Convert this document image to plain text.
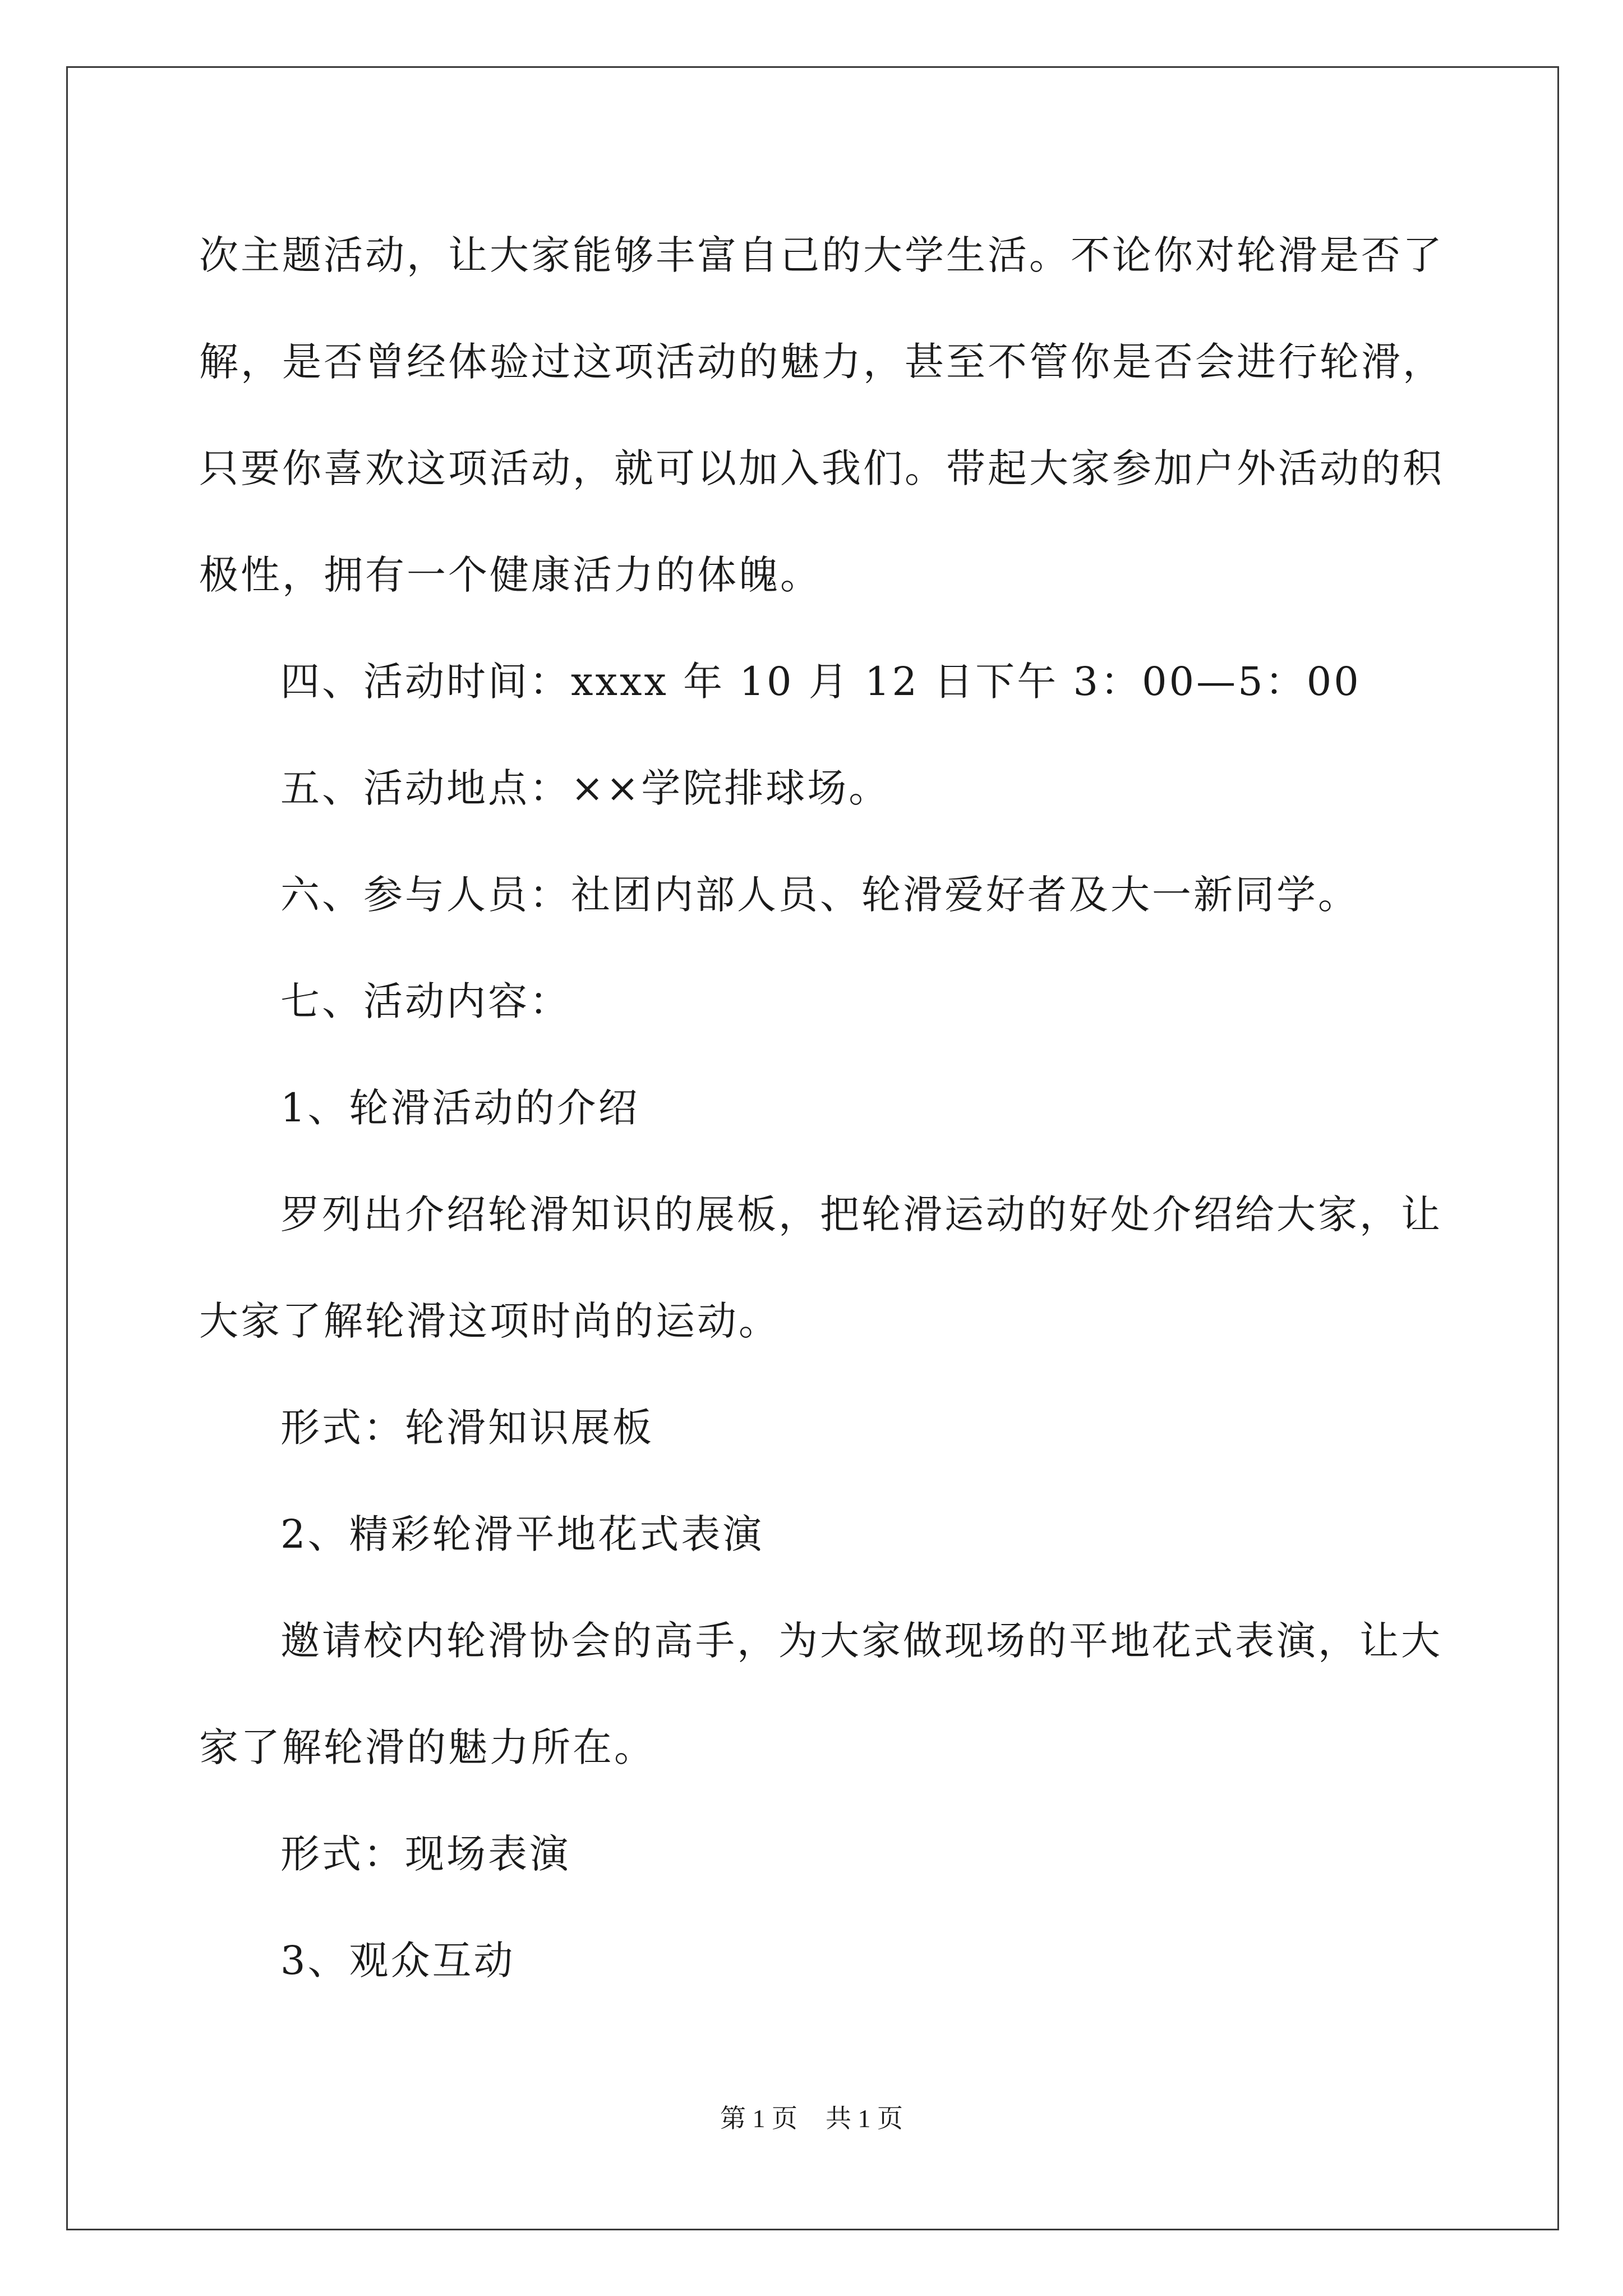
次主题活动，让大家能够丰富自己的大学生活。不论你对轮滑是否了

解，是否曾经体验过这项活动的魅力，甚至不管你是否会进行轮滑，

只要你喜欢这项活动，就可以加入我们。带起大家参加户外活动的积

极性，拥有一个健康活力的体魄。

四、活动时间：xxxx 年 10 月 12 日下午 3：00—5：00

五、活动地点：××学院排球场。

六、参与人员：社团内部人员、轮滑爱好者及大一新同学。

七、活动内容：

1、轮滑活动的介绍

罗列出介绍轮滑知识的展板，把轮滑运动的好处介绍给大家，让

大家了解轮滑这项时尚的运动。

形式：轮滑知识展板

2、精彩轮滑平地花式表演

邀请校内轮滑协会的高手，为大家做现场的平地花式表演，让大

家了解轮滑的魅力所在。

形式：现场表演

3、观众互动

第 1 页 共 1 页
